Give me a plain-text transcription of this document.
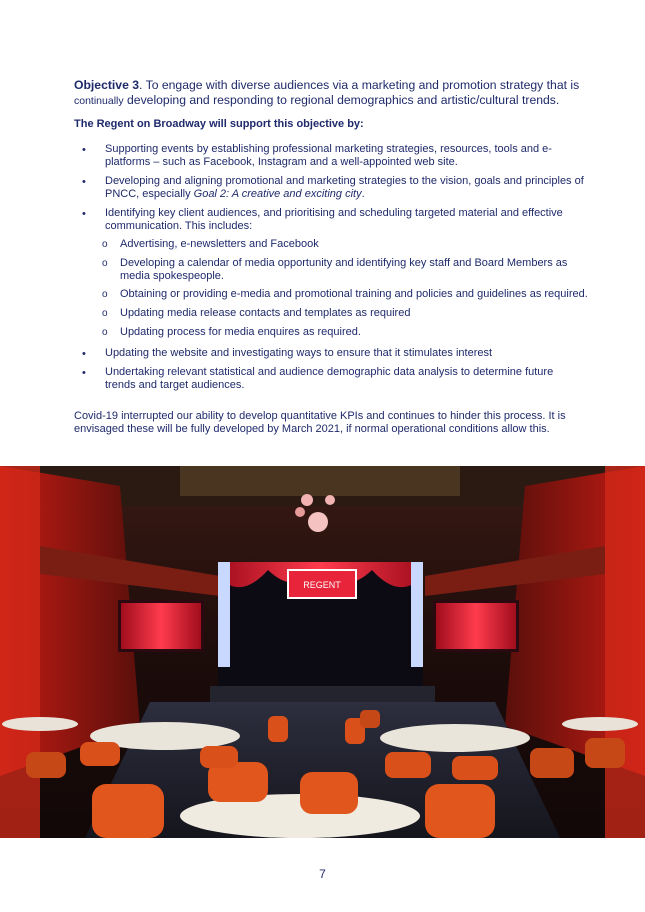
Objective 3. To engage with diverse audiences via a marketing and promotion strategy that is
continually developing and responding to regional demographics and artistic/cultural trends.
The Regent on Broadway will support this objective by:
• Supporting events by establishing professional marketing strategies, resources, tools and e-platforms – such as Facebook, Instagram and a well-appointed web site.
• Developing and aligning promotional and marketing strategies to the vision, goals and principles of PNCC, especially Goal 2: A creative and exciting city.
• Identifying key client audiences, and prioritising and scheduling targeted material and effective communication. This includes:
o Advertising, e-newsletters and Facebook
o Developing a calendar of media opportunity and identifying key staff and Board Members as media spokespeople.
o Obtaining or providing e-media and promotional training and policies and guidelines as required.
o Updating media release contacts and templates as required
o Updating process for media enquires as required.
• Updating the website and investigating ways to ensure that it stimulates interest
• Undertaking relevant statistical and audience demographic data analysis to determine future trends and target audiences.
Covid-19 interrupted our ability to develop quantitative KPIs and continues to hinder this process. It is envisaged these will be fully developed by March 2021, if normal operational conditions allow this.
REGENT
7
